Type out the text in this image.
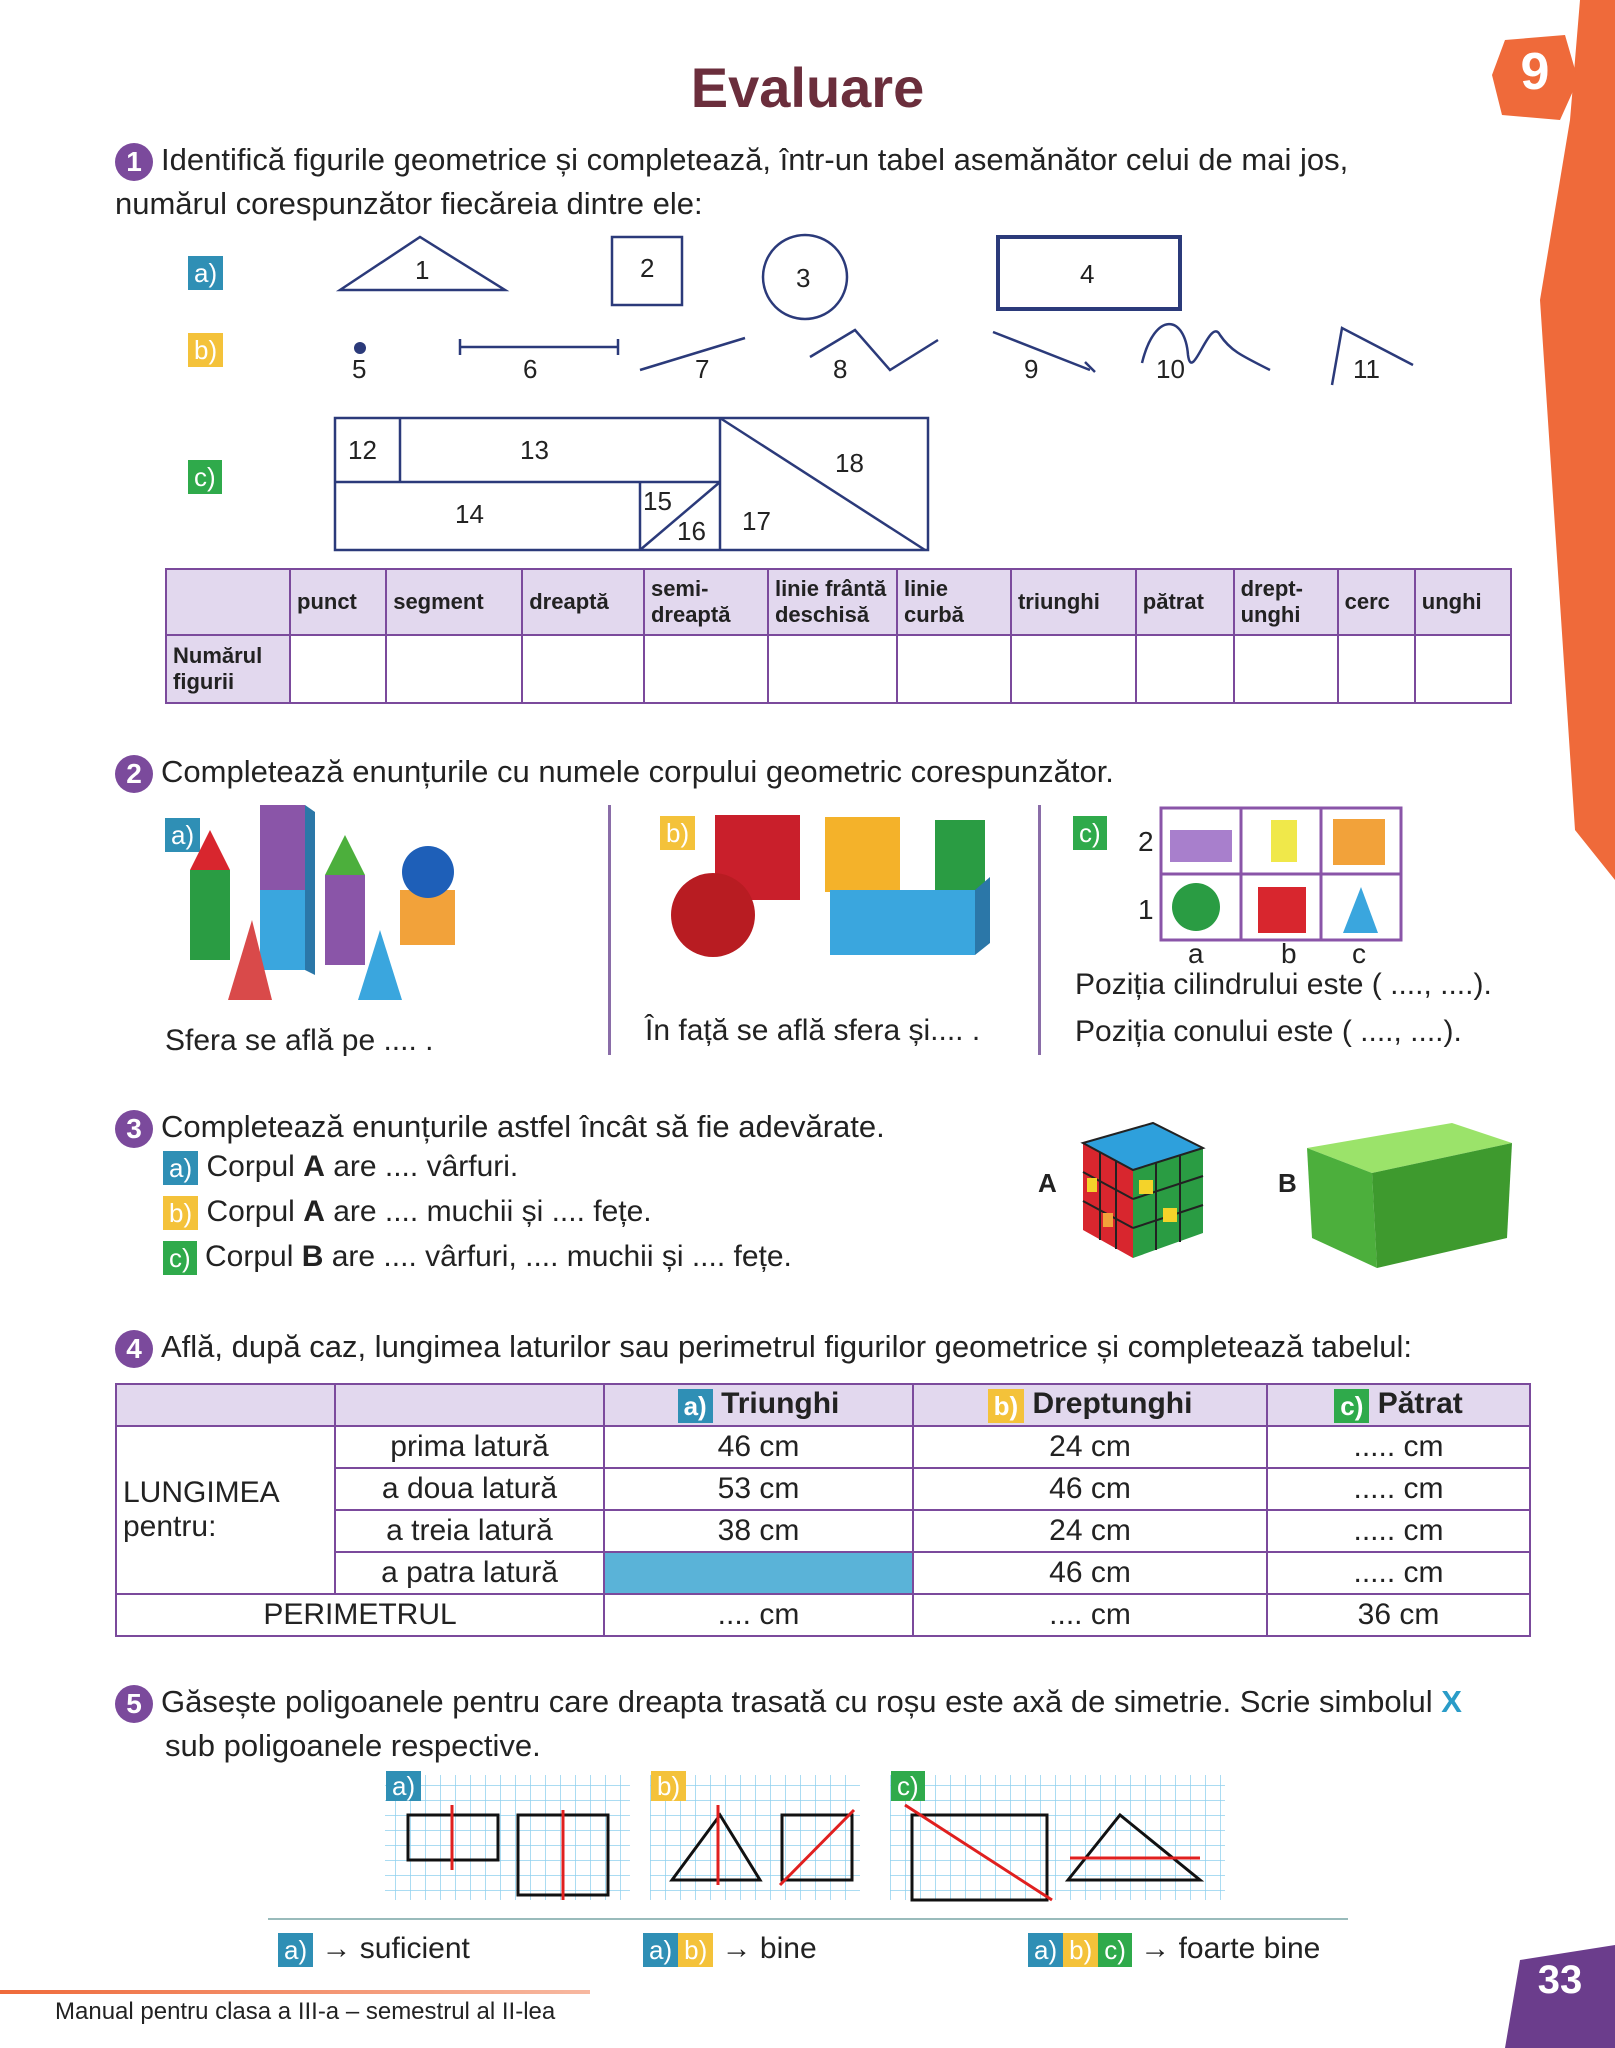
9
Evaluare
1 Identifică figurile geometrice și completează, într-un tabel asemănător celui de mai jos, numărul corespunzător fiecăreia dintre ele:
a)
b)
c)
1	2	3	4
5	6	7	8	9	10	11
12	13
14	15
16 17
18
	punct	segment	dreaptă	semi-dreaptă	linie frântă deschisă	linie curbă	triunghi	pătrat	drept-unghi	cerc	unghi
Numărul figurii											
2 Completează enunțurile cu numele corpului geometric corespunzător.
a)
Sfera se află pe .... .
b)
În față se află sfera și.... .
c) 2
1
a	b c
Poziția cilindrului este ( ...., ....).
Poziția conului este ( ...., ....).
3 Completează enunțurile astfel încât să fie adevărate.
a) Corpul A are .... vârfuri.
b) Corpul A are .... muchii și .... fețe.
c) Corpul B are .... vârfuri, .... muchii și .... fețe.
A	B
4 Află, după caz, lungimea laturilor sau perimetrul figurilor geometrice și completează tabelul:
		a) Triunghi	b) Dreptunghi	c) Pătrat
LUNGIMEA
pentru:	prima latură	46 cm	24 cm	..... cm
	a doua latură	53 cm	46 cm	..... cm
	a treia latură	38 cm	24 cm	..... cm
	a patra latură		46 cm	..... cm
PERIMETRUL		.... cm	.... cm	36 cm
5 Găsește poligoanele pentru care dreapta trasată cu roșu este axă de simetrie. Scrie simbolul X
sub poligoanele respective.
a)	b)	c)
a) → suficient	a) b) → bine	a) b) c) → foarte bine
Manual pentru clasa a III-a – semestrul al II-lea
33
